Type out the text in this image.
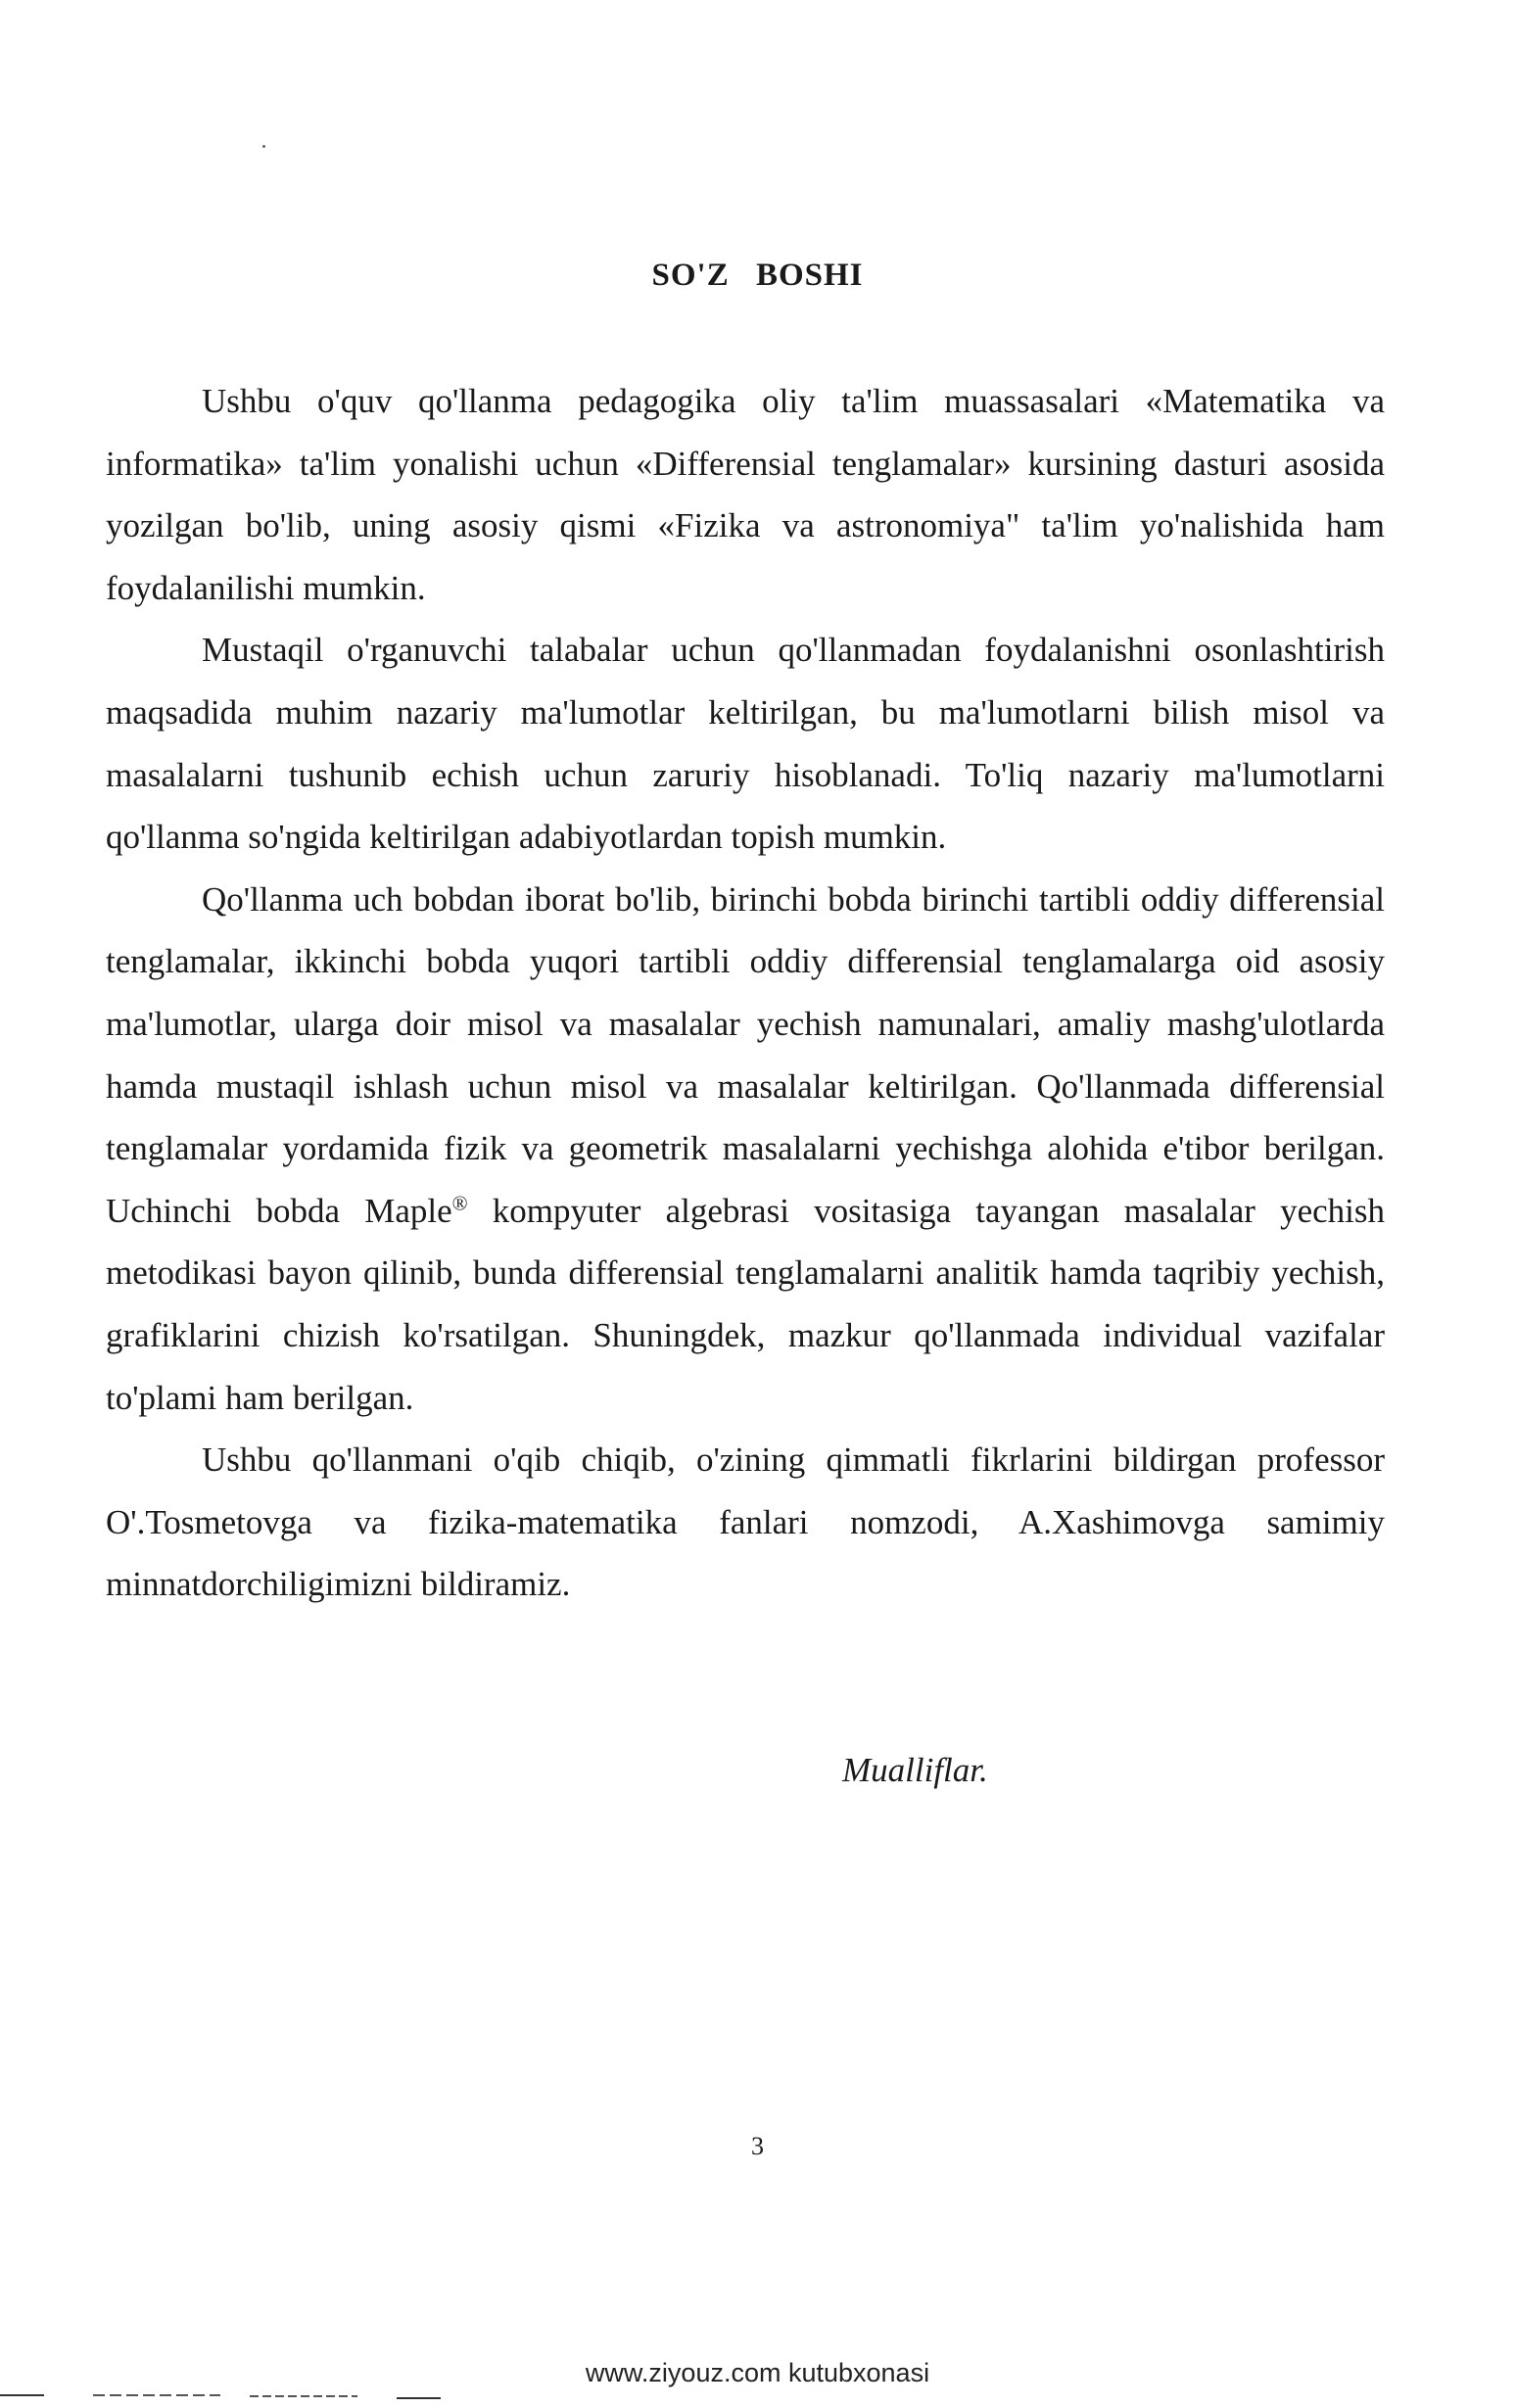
SO'Z BOSHI

Ushbu o'quv qo'llanma pedagogika oliy ta'lim muassasalari «Matematika va informatika» ta'lim yonalishi uchun «Differensial tenglamalar» kursining dasturi asosida yozilgan bo'lib, uning asosiy qismi «Fizika va astronomiya" ta'lim yo'nalishida ham foydalanilishi mumkin.

Mustaqil o'rganuvchi talabalar uchun qo'llanmadan foydalanishni osonlashtirish maqsadida muhim nazariy ma'lumotlar keltirilgan, bu ma'lumotlarni bilish misol va masalalarni tushunib echish uchun zaruriy hisoblanadi. To'liq nazariy ma'lumotlarni qo'llanma so'ngida keltirilgan adabiyotlardan topish mumkin.

Qo'llanma uch bobdan iborat bo'lib, birinchi bobda birinchi tartibli oddiy differensial tenglamalar, ikkinchi bobda yuqori tartibli oddiy differensial tenglamalarga oid asosiy ma'lumotlar, ularga doir misol va masalalar yechish namunalari, amaliy mashg'ulotlarda hamda mustaqil ishlash uchun misol va masalalar keltirilgan. Qo'llanmada differensial tenglamalar yordamida fizik va geometrik masalalarni yechishga alohida e'tibor berilgan. Uchinchi bobda Maple® kompyuter algebrasi vositasiga tayangan masalalar yechish metodikasi bayon qilinib, bunda differensial tenglamalarni analitik hamda taqribiy yechish, grafiklarini chizish ko'rsatilgan. Shuningdek, mazkur qo'llanmada individual vazifalar to'plami ham berilgan.

Ushbu qo'llanmani o'qib chiqib, o'zining qimmatli fikrlarini bildirgan professor O'.Tosmetovga va fizika-matematika fanlari nomzodi, A.Xashimovga samimiy minnatdorchiligimizni bildiramiz.

Mualliflar.
3
www.ziyouz.com kutubxonasi
